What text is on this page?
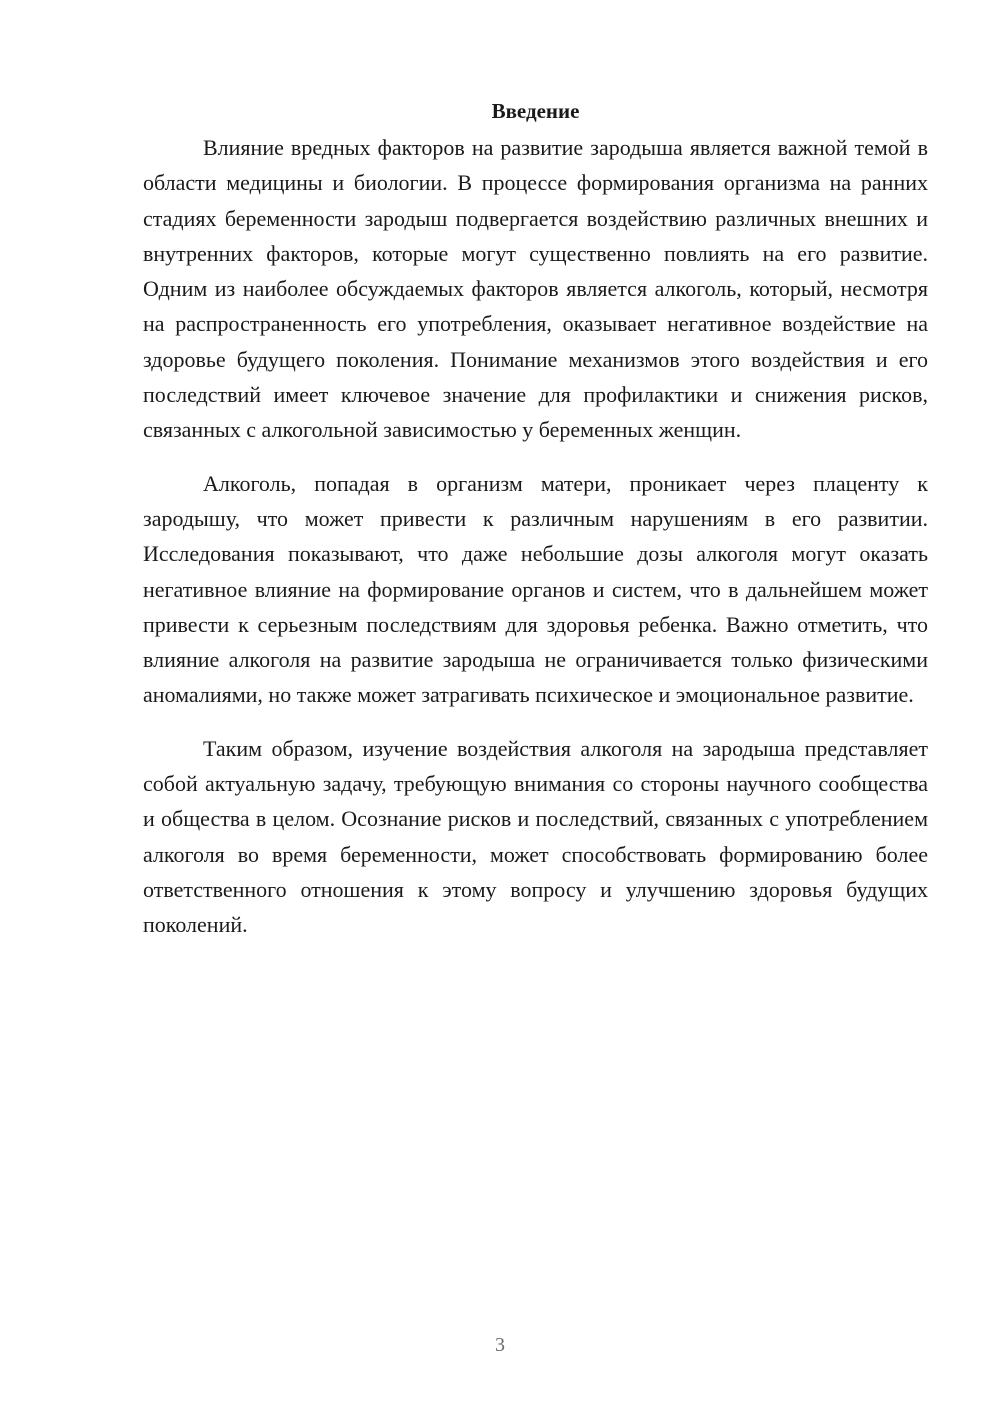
Введение

Влияние вредных факторов на развитие зародыша является важной темой в области медицины и биологии. В процессе формирования организма на ранних стадиях беременности зародыш подвергается воздействию различных внешних и внутренних факторов, которые могут существенно повлиять на его развитие. Одним из наиболее обсуждаемых факторов является алкоголь, который, несмотря на распространенность его употребления, оказывает негативное воздействие на здоровье будущего поколения. Понимание механизмов этого воздействия и его последствий имеет ключевое значение для профилактики и снижения рисков, связанных с алкогольной зависимостью у беременных женщин.

Алкоголь, попадая в организм матери, проникает через плаценту к зародышу, что может привести к различным нарушениям в его развитии. Исследования показывают, что даже небольшие дозы алкоголя могут оказать негативное влияние на формирование органов и систем, что в дальнейшем может привести к серьезным последствиям для здоровья ребенка. Важно отметить, что влияние алкоголя на развитие зародыша не ограничивается только физическими аномалиями, но также может затрагивать психическое и эмоциональное развитие.

Таким образом, изучение воздействия алкоголя на зародыша представляет собой актуальную задачу, требующую внимания со стороны научного сообщества и общества в целом. Осознание рисков и последствий, связанных с употреблением алкоголя во время беременности, может способствовать формированию более ответственного отношения к этому вопросу и улучшению здоровья будущих поколений.

3
